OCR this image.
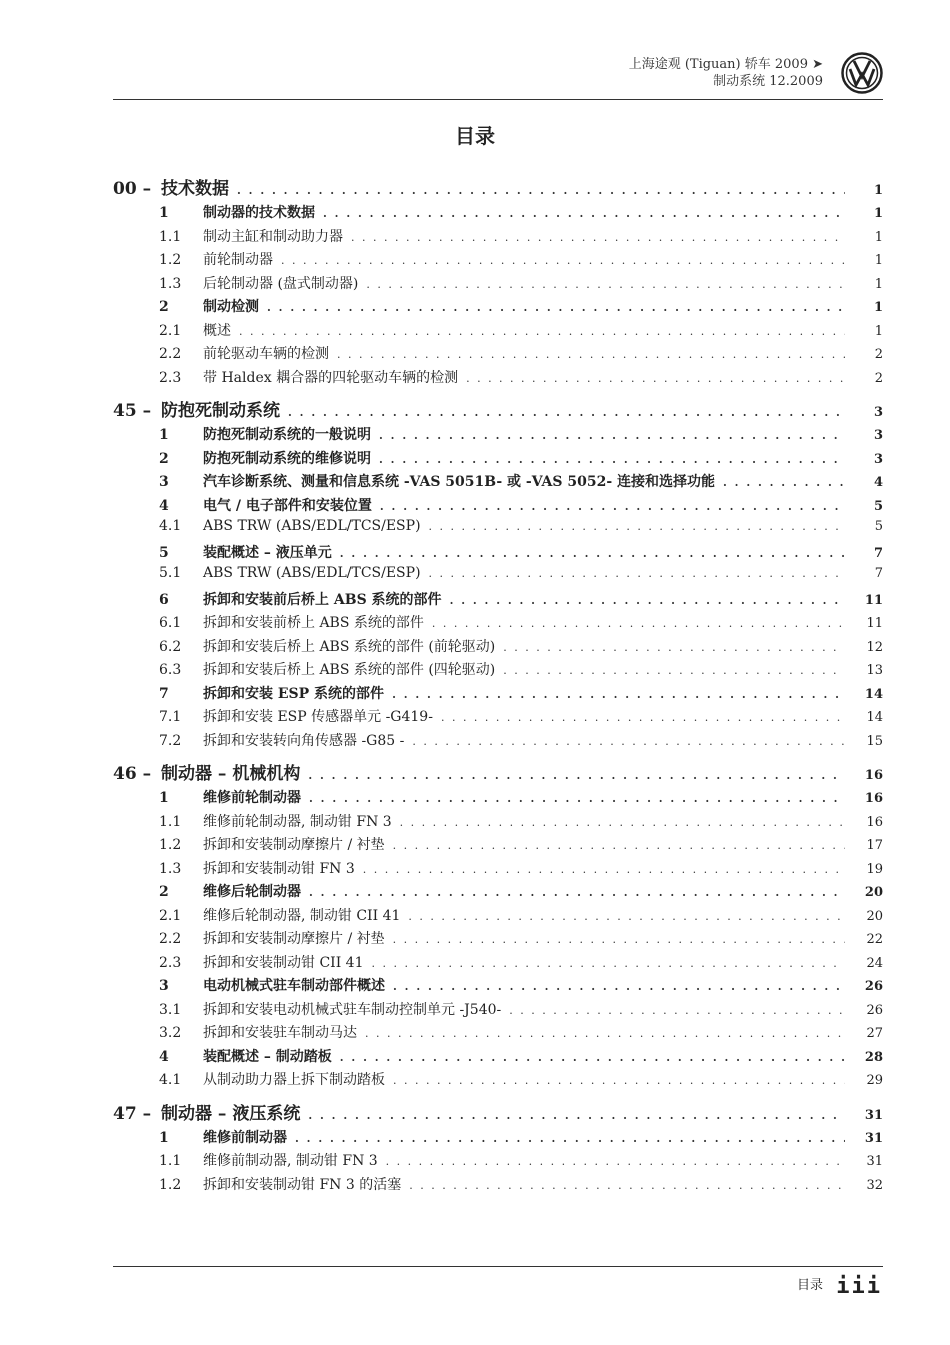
上海途观 (Tiguan) 轿车 2009 ➤
制动系统 12.2009
目录
00 – 技术数据 . . .	1
1	制动器的技术数据 . . .	1
1.1	制动主缸和制动助力器 . . .	1
1.2	前轮制动器 . . .	1
1.3	后轮制动器 (盘式制动器) . . .	1
2	制动检测 . . .	1
2.1	概述 . . .	1
2.2	前轮驱动车辆的检测 . . .	2
2.3	带 Haldex 耦合器的四轮驱动车辆的检测 . . .	2
45 – 防抱死制动系统 . . .	3
1	防抱死制动系统的一般说明 . . .	3
2	防抱死制动系统的维修说明 . . .	3
3	汽车诊断系统、测量和信息系统 -VAS 5051B- 或 -VAS 5052- 连接和选择功能 . . .	4
4	电气 / 电子部件和安装位置 . . .	5
4.1	ABS TRW (ABS/EDL/TCS/ESP) . . .	5
5	装配概述 – 液压单元 . . .	7
5.1	ABS TRW (ABS/EDL/TCS/ESP) . . .	7
6	拆卸和安装前后桥上 ABS 系统的部件 . . .	11
6.1	拆卸和安装前桥上 ABS 系统的部件 . . .	11
6.2	拆卸和安装后桥上 ABS 系统的部件 (前轮驱动) . . .	12
6.3	拆卸和安装后桥上 ABS 系统的部件 (四轮驱动) . . .	13
7	拆卸和安装 ESP 系统的部件 . . .	14
7.1	拆卸和安装 ESP 传感器单元 -G419- . . .	14
7.2	拆卸和安装转向角传感器 -G85 - . . .	15
46 – 制动器 – 机械机构 . . .	16
1	维修前轮制动器 . . .	16
1.1	维修前轮制动器, 制动钳 FN 3 . . .	16
1.2	拆卸和安装制动摩擦片 / 衬垫 . . .	17
1.3	拆卸和安装制动钳 FN 3 . . .	19
2	维修后轮制动器 . . .	20
2.1	维修后轮制动器, 制动钳 CII 41 . . .	20
2.2	拆卸和安装制动摩擦片 / 衬垫 . . .	22
2.3	拆卸和安装制动钳 CII 41 . . .	24
3	电动机械式驻车制动部件概述 . . .	26
3.1	拆卸和安装电动机械式驻车制动控制单元 -J540- . . .	26
3.2	拆卸和安装驻车制动马达 . . .	27
4	装配概述 – 制动踏板 . . .	28
4.1	从制动助力器上拆下制动踏板 . . .	29
47 – 制动器 – 液压系统 . . .	31
1	维修前制动器 . . .	31
1.1	维修前制动器, 制动钳 FN 3 . . .	31
1.2	拆卸和安装制动钳 FN 3 的活塞 . . .	32
目录 iii
